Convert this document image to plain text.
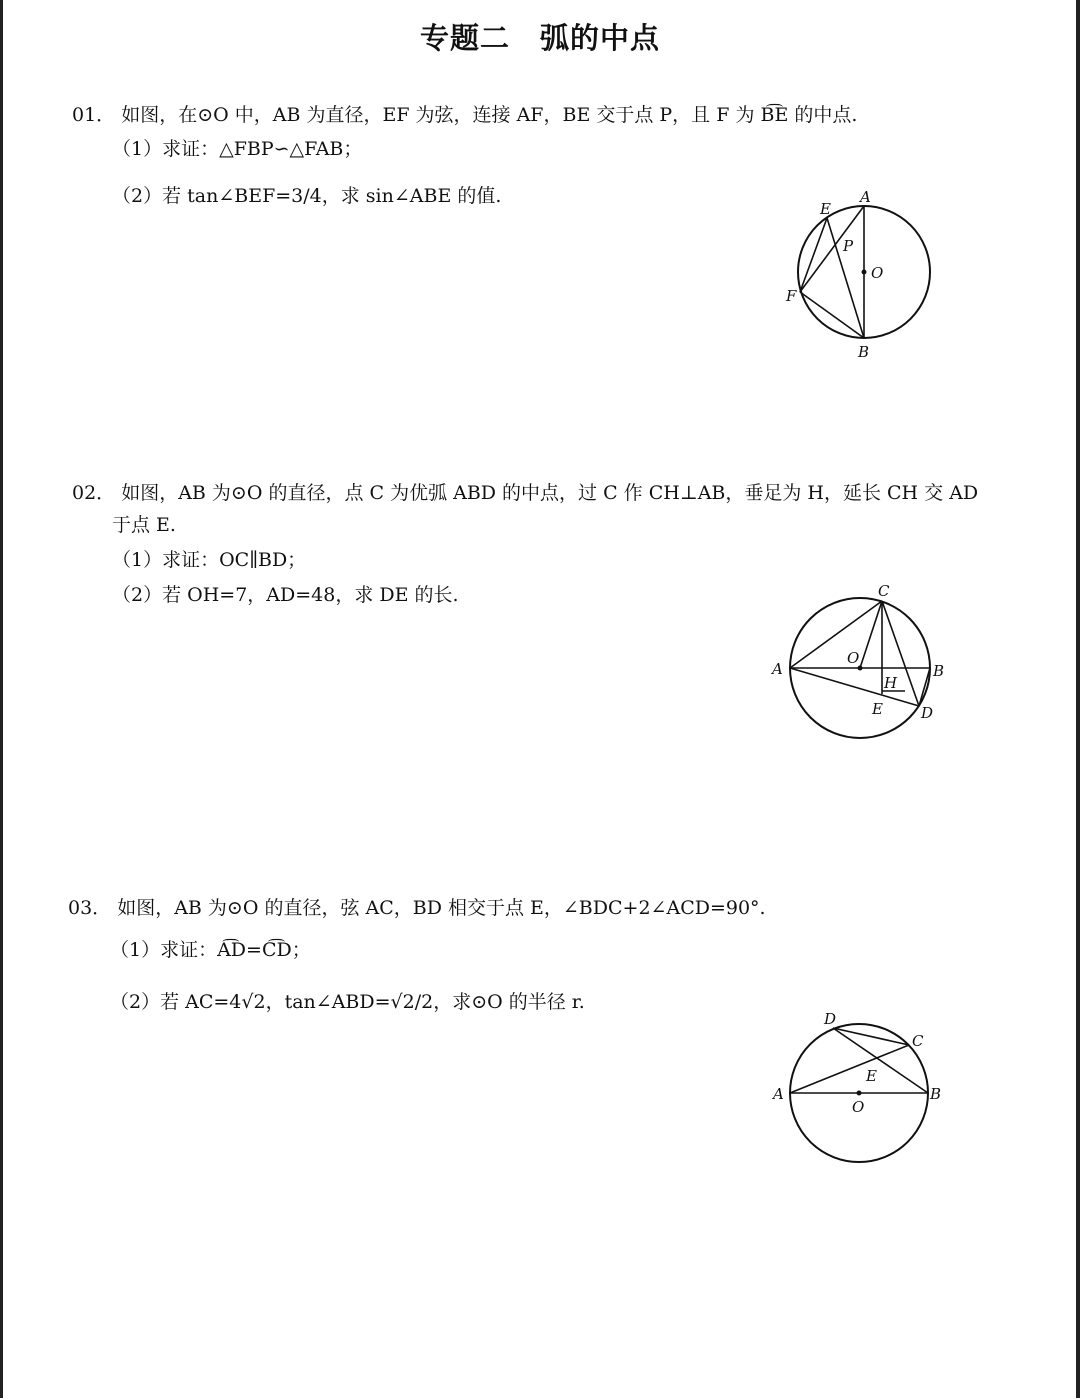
专题二　弧的中点
01． 如图，在⊙O 中，AB 为直径，EF 为弦，连接 AF，BE 交于点 P，且 F 为 B͡E 的中点.
（1）求证：△FBP∽△FAB；
（2）若 tan∠BEF=3/4，求 sin∠ABE 的值.	A
E
P
O
F
B
02． 如图，AB 为⊙O 的直径，点 C 为优弧 ABD 的中点，过 C 作 CH⊥AB，垂足为 H，延长 CH 交 AD
于点 E.
（1）求证：OC∥BD；
（2）若 OH=7，AD=48，求 DE 的长.	C
A
O
B
H
E	D
03． 如图，AB 为⊙O 的直径，弦 AC，BD 相交于点 E，∠BDC+2∠ACD=90°.
（1）求证：A͡D=C͡D；
（2）若 AC=4√2，tan∠ABD=√2/2，求⊙O 的半径 r.
D
C
E
A	B
O
